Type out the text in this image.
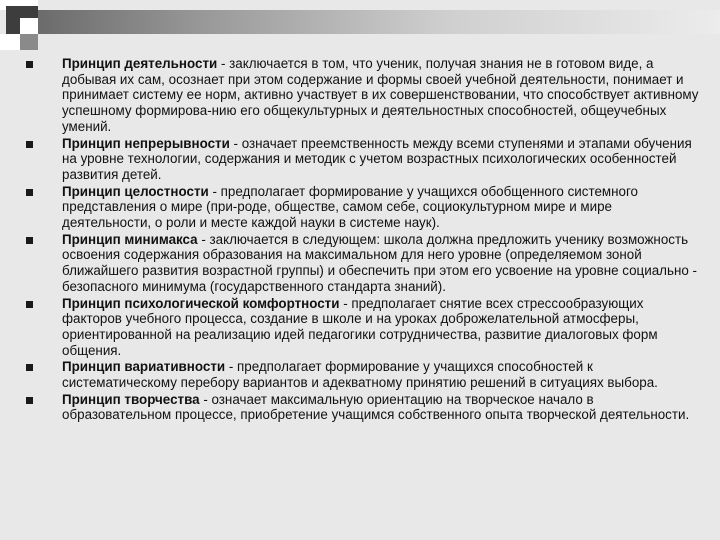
Принцип деятельности - заключается в том, что ученик, получая знания не в готовом виде, а добывая их сам, осознает при этом содержание и формы своей учебной деятельности, понимает и принимает систему ее норм, активно участвует в их совершенствовании, что способствует активному успешному формирова-нию его общекультурных и деятельностных способностей, общеучебных умений.
Принцип непрерывности - означает преемственность между всеми ступенями и этапами обучения на уровне технологии, содержания и методик с учетом возрастных психологических особенностей развития детей.
Принцип целостности - предполагает формирование у учащихся обобщенного системного представления о мире (при-роде, обществе, самом себе, социокультурном мире и мире деятельности, о роли и месте каждой науки в системе наук).
Принцип минимакса - заключается в следующем: школа должна предложить ученику возможность освоения содержания образования на максимальном для него уровне (определяемом зоной ближайшего развития возрастной группы) и обеспечить при этом его усвоение на уровне социально - безопасного минимума (государственного стандарта знаний).
Принцип психологической комфортности - предполагает снятие всех стрессообразующих факторов учебного процесса, создание в школе и на уроках доброжелательной атмосферы, ориентированной на реализацию идей педагогики сотрудничества, развитие диалоговых форм общения.
Принцип вариативности - предполагает формирование у учащихся способностей к систематическому перебору вариантов и адекватному принятию решений в ситуациях выбора.
Принцип творчества - означает максимальную ориентацию на творческое начало в образовательном процессе, приобретение учащимся собственного опыта творческой деятельности.
